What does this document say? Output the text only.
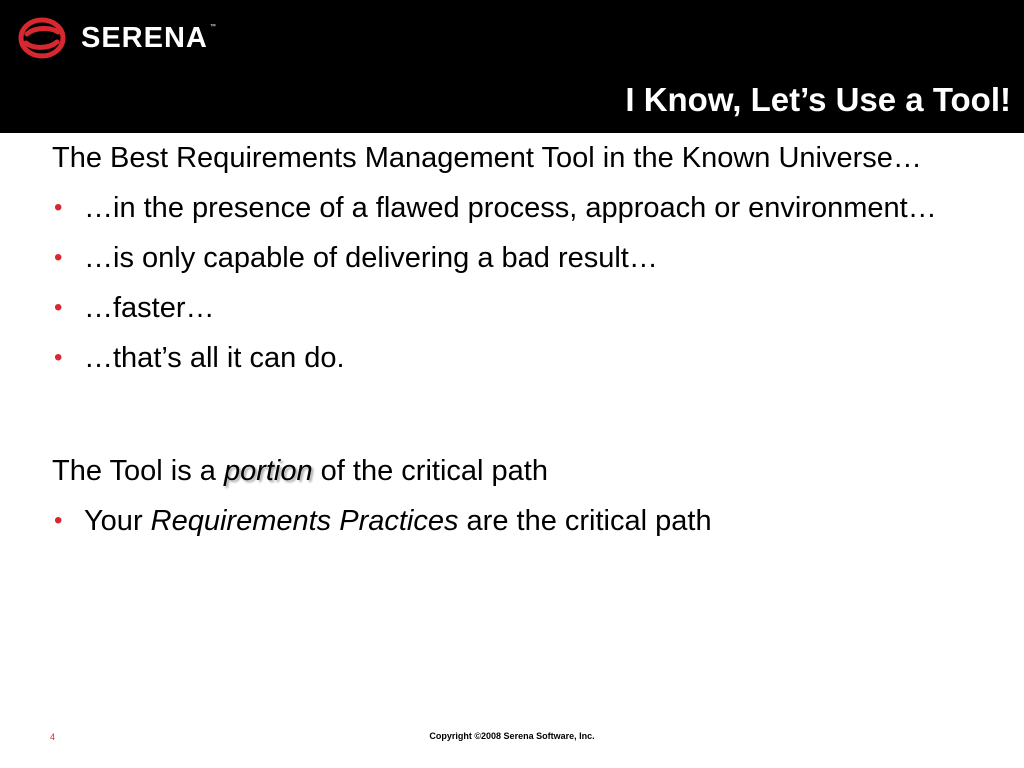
SERENA ™
I Know, Let’s Use a Tool!

The Best Requirements Management Tool in the Known Universe…

• …in the presence of a flawed process, approach or environment…
• …is only capable of delivering a bad result…
• …faster…
• …that’s all it can do.

The Tool is a portion of the critical path

• Your Requirements Practices are the critical path
4	Copyright ©2008 Serena Software, Inc.
